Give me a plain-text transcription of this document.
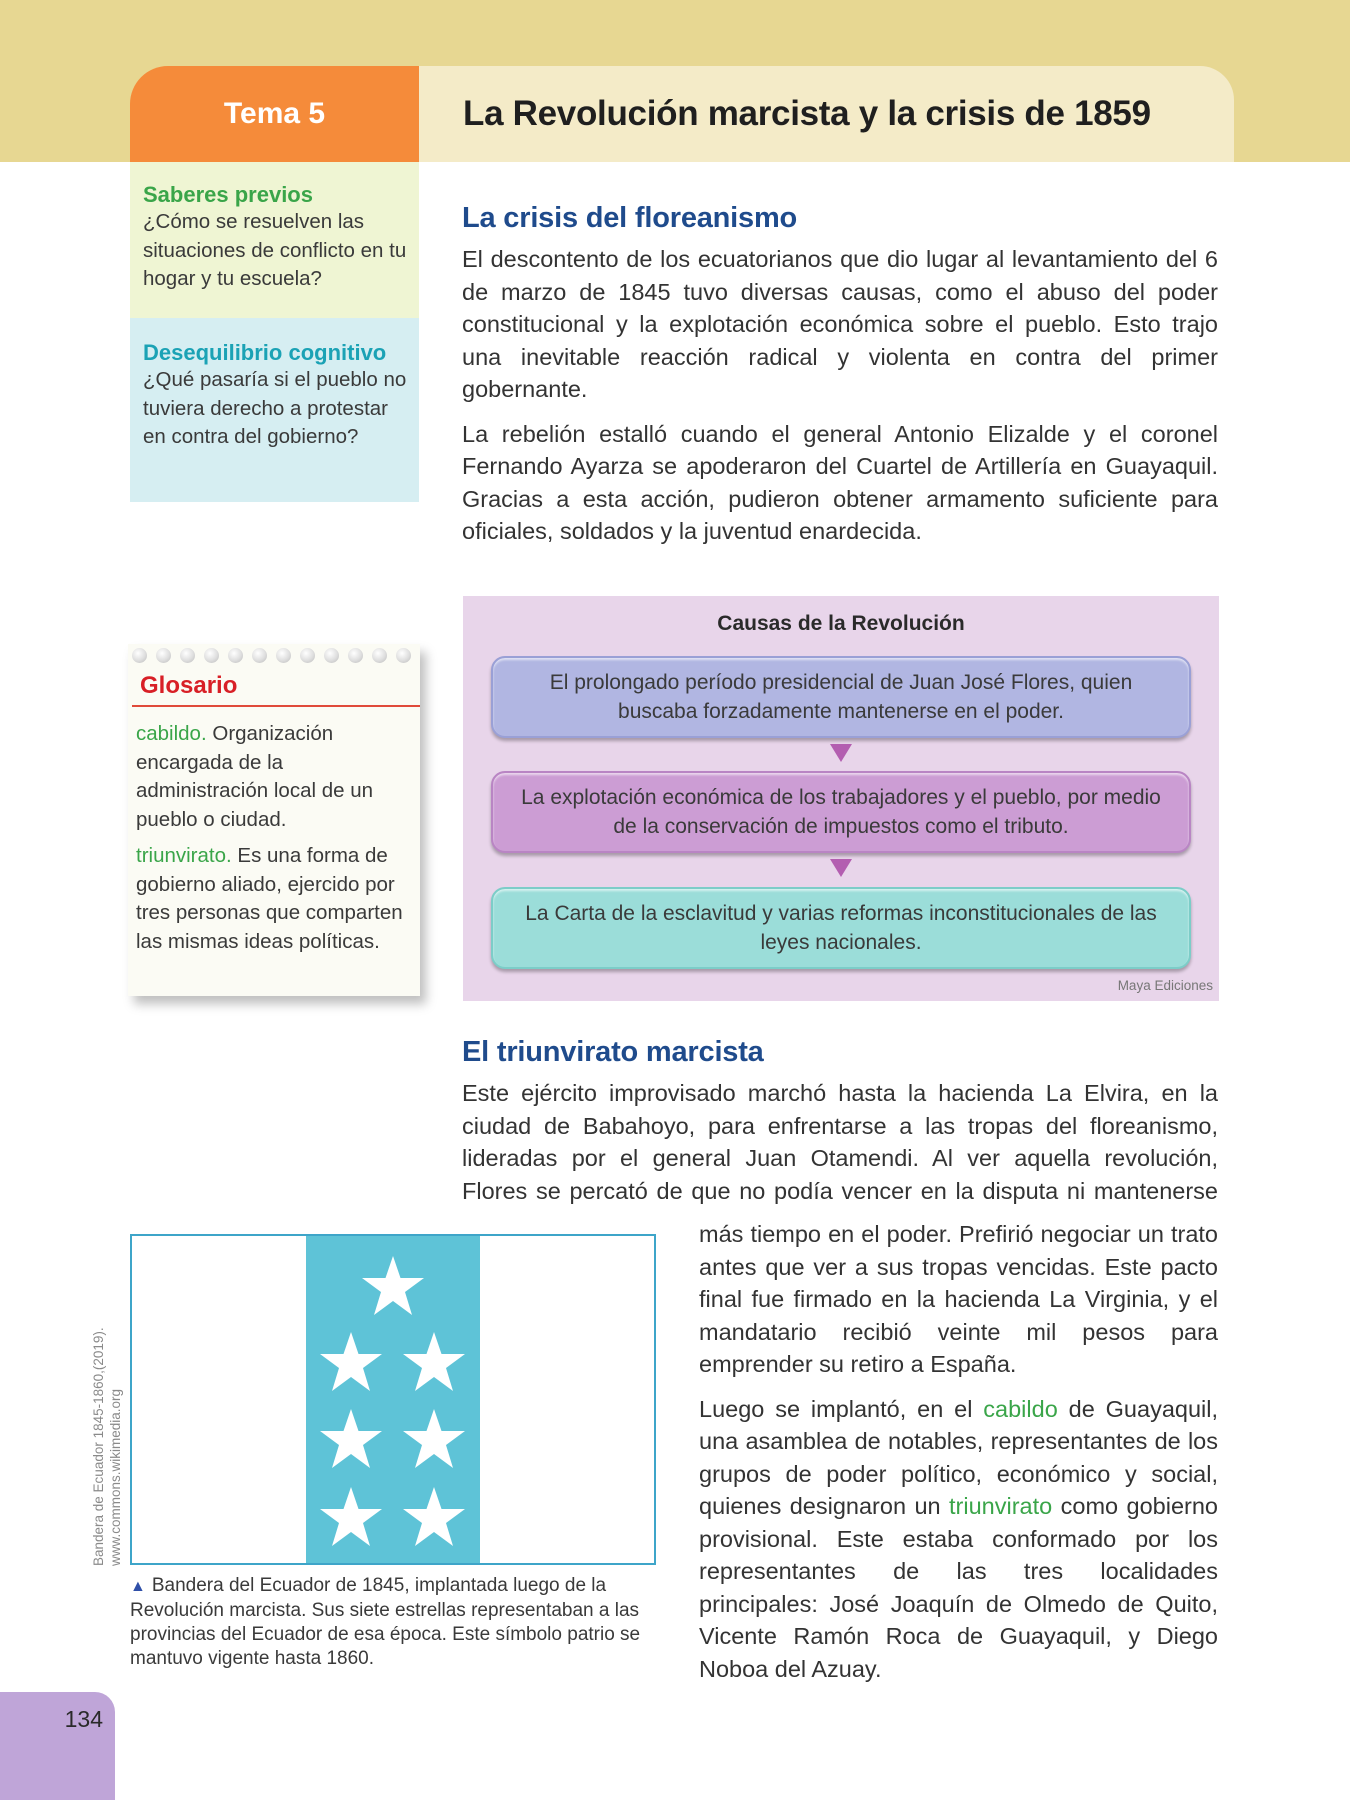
Tema 5	La Revolución marcista y la crisis de 1859
Saberes previos
¿Cómo se resuelven las situaciones de conflicto en tu hogar y tu escuela?
Desequilibrio cognitivo
¿Qué pasaría si el pueblo no tuviera derecho a protestar en contra del gobierno?
Glosario

cabildo. Organización encargada de la administración local de un pueblo o ciudad.

triunvirato. Es una forma de gobierno aliado, ejercido por tres personas que comparten las mismas ideas políticas.

La crisis del floreanismo

El descontento de los ecuatorianos que dio lugar al levantamiento del 6 de marzo de 1845 tuvo diversas causas, como el abuso del poder constitucional y la explotación económica sobre el pueblo. Esto trajo una inevitable reacción radical y violenta en contra del primer gobernante.

La rebelión estalló cuando el general Antonio Elizalde y el coronel Fernando Ayarza se apoderaron del Cuartel de Artillería en Guayaquil. Gracias a esta acción, pudieron obtener armamento suficiente para oficiales, soldados y la juventud enardecida.

Causas de la Revolución
El prolongado período presidencial de Juan José Flores, quien buscaba forzadamente mantenerse en el poder.
La explotación económica de los trabajadores y el pueblo, por medio de la conservación de impuestos como el tributo.
La Carta de la esclavitud y varias reformas inconstitucionales de las leyes nacionales.
Maya Ediciones
El triunvirato marcista

Este ejército improvisado marchó hasta la hacienda La Elvira, en la ciudad de Babahoyo, para enfrentarse a las tropas del floreanismo, lideradas por el general Juan Otamendi. Al ver aquella revolución, Flores se percató de que no podía vencer en la disputa ni mantenerse

más tiempo en el poder. Prefirió negociar un trato antes que ver a sus tropas vencidas. Este pacto final fue firmado en la hacienda La Virginia, y el mandatario recibió veinte mil pesos para emprender su retiro a España.

Luego se implantó, en el cabildo de Guayaquil, una asamblea de notables, representantes de los grupos de poder político, económico y social, quienes designaron un triunvirato como gobierno provisional. Este estaba conformado por los representantes de las tres localidades principales: José Joaquín de Olmedo de Quito, Vicente Ramón Roca de Guayaquil, y Diego Noboa del Azuay.

Bandera de Ecuador 1845-1860,(2019). www.commons.wikimedia.org
▲ Bandera del Ecuador de 1845, implantada luego de la Revolución marcista. Sus siete estrellas representaban a las provincias del Ecuador de esa época. Este símbolo patrio se mantuvo vigente hasta 1860.
134
